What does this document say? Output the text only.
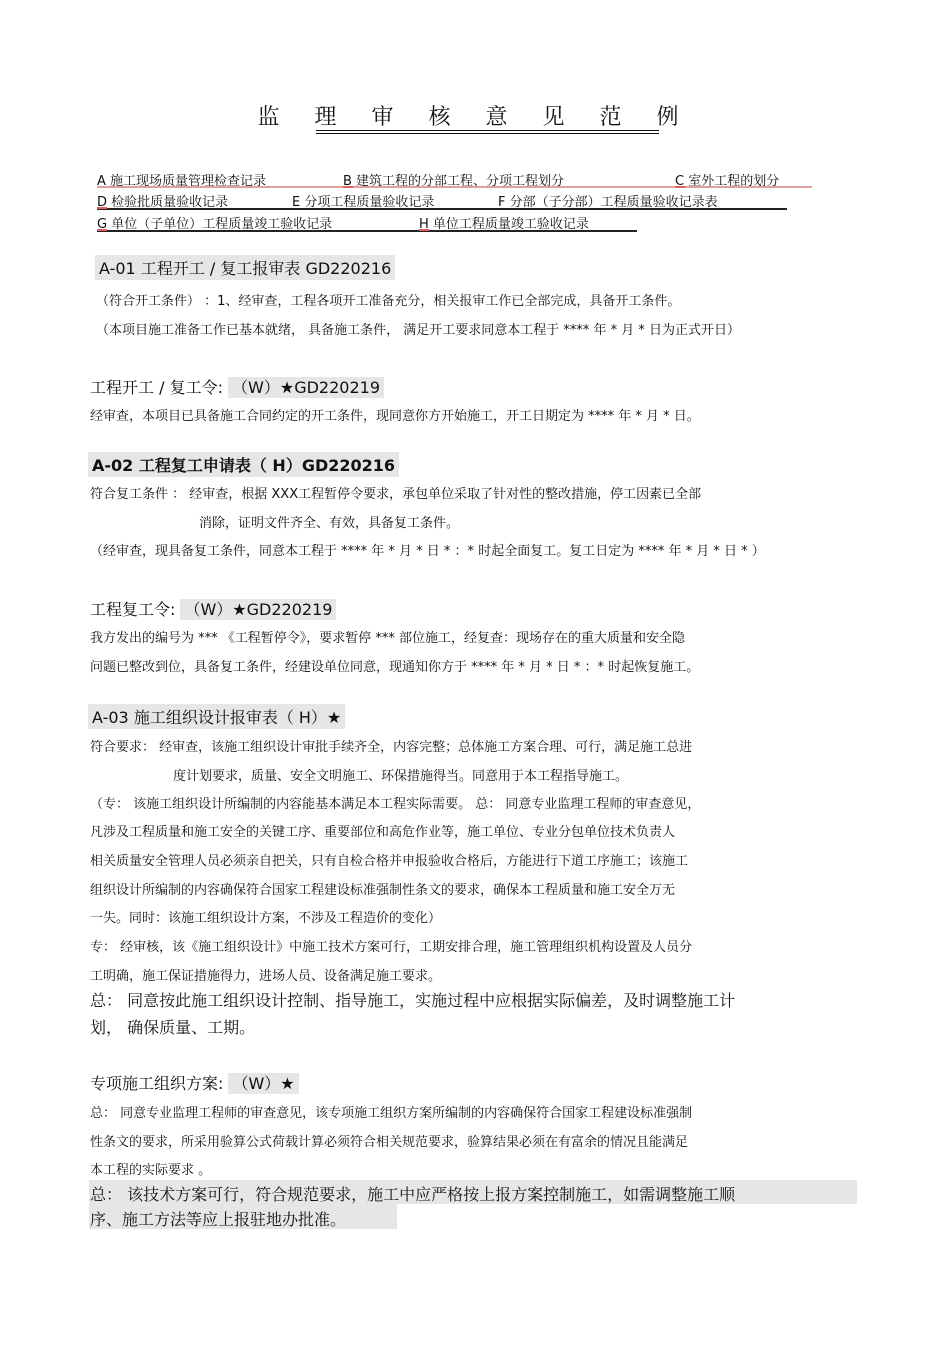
监 理 审 核 意 见 范 例
A 施工现场质量管理检查记录	B 建筑工程的分部工程、分项工程划分	C 室外工程的划分
D 检验批质量验收记录	E 分项工程质量验收记录	F 分部（子分部）工程质量验收记录表
G 单位（子单位）工程质量竣工验收记录	H 单位工程质量竣工验收记录
A-01 工程开工 / 复工报审表 GD220216
（符合开工条件） ：1、经审查，工程各项开工准备充分，相关报审工作已全部完成，具备开工条件。
（本项目施工准备工作已基本就绪， 具备施工条件， 满足开工要求同意本工程于 **** 年 * 月 * 日为正式开日）
工程开工 / 复工令: （W）★GD220219
经审查，本项目已具备施工合同约定的开工条件，现同意你方开始施工，开工日期定为 **** 年 * 月 * 日。
A-02 工程复工申请表（ H）GD220216
符合复工条件 ： 经审查，根据 XXX工程暂停令要求，承包单位采取了针对性的整改措施，停工因素已全部
消除，证明文件齐全、有效，具备复工条件。
（经审查，现具备复工条件，同意本工程于 **** 年 * 月 * 日 * ：* 时起全面复工。复工日定为 **** 年 * 月 * 日 * ）
工程复工令: （W）★GD220219
我方发出的编号为 *** 《工程暂停令》，要求暂停 *** 部位施工，经复查：现场存在的重大质量和安全隐
问题已整改到位，具备复工条件，经建设单位同意，现通知你方于 **** 年 * 月 * 日 * ：* 时起恢复施工。
A-03 施工组织设计报审表（ H）★
符合要求： 经审查，该施工组织设计审批手续齐全，内容完整；总体施工方案合理、可行，满足施工总进
度计划要求，质量、安全文明施工、环保措施得当。同意用于本工程指导施工。
（专： 该施工组织设计所编制的内容能基本满足本工程实际需要。 总： 同意专业监理工程师的审查意见，
凡涉及工程质量和施工安全的关键工序、重要部位和高危作业等，施工单位、专业分包单位技术负责人
相关质量安全管理人员必须亲自把关，只有自检合格并申报验收合格后，方能进行下道工序施工；该施工
组织设计所编制的内容确保符合国家工程建设标准强制性条文的要求，确保本工程质量和施工安全万无
一失。同时：该施工组织设计方案，不涉及工程造价的变化）
专： 经审核，该《施工组织设计》中施工技术方案可行，工期安排合理，施工管理组织机构设置及人员分
工明确，施工保证措施得力，进场人员、设备满足施工要求。
总： 同意按此施工组织设计控制、指导施工，实施过程中应根据实际偏差，及时调整施工计
划， 确保质量、工期。
专项施工组织方案: （W）★
总： 同意专业监理工程师的审查意见，该专项施工组织方案所编制的内容确保符合国家工程建设标准强制
性条文的要求，所采用验算公式荷载计算必须符合相关规范要求，验算结果必须在有富余的情况且能满足
本工程的实际要求 。
总： 该技术方案可行，符合规范要求，施工中应严格按上报方案控制施工，如需调整施工顺
序、施工方法等应上报驻地办批准。
